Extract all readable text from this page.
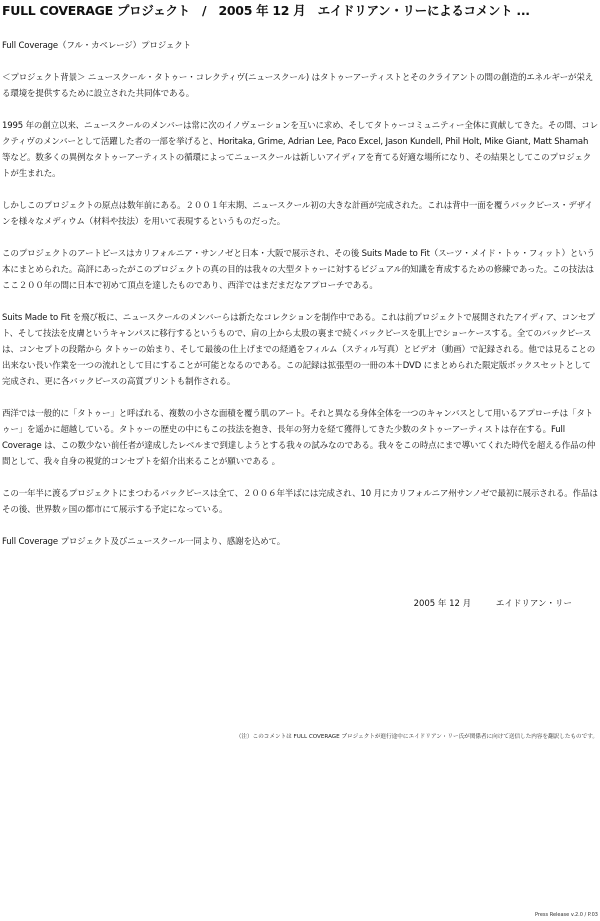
FULL COVERAGE プロジェクト　/　2005 年 12 月　エイドリアン・リーによるコメント ...

Full Coverage（フル・カベレージ）プロジェクト

＜プロジェクト背景＞ ニュースクール・タトゥー・コレクティヴ(ニュースクール) はタトゥーアーティストとそのクライアントの間の創造的エネルギーが栄える環境を提供するために設立された共同体である。

1995 年の創立以来、ニュースクールのメンバーは常に次のイノヴェーションを互いに求め、そしてタトゥーコミュニティー全体に貢献してきた。その間、コレクティヴのメンバーとして活躍した者の一部を挙げると、Horitaka, Grime, Adrian Lee, Paco Excel, Jason Kundell, Phil Holt, Mike Giant, Matt Shamah 等など。数多くの異例なタトゥーアーティストの循環によってニュースクールは新しいアイディアを育てる好適な場所になり、その結果としてこのプロジェクトが生まれた。

しかしこのプロジェクトの原点は数年前にある。２００１年末期、ニュースクール初の大きな計画が完成された。これは背中一面を覆うバックピース・デザインを様々なメディウム（材料や技法）を用いて表現するというものだった。

このプロジェクトのアートピースはカリフォルニア・サンノゼと日本・大阪で展示され、その後 Suits Made to Fit（スーツ・メイド・トゥ・フィット）という本にまとめられた。高評にあったがこのプロジェクトの真の目的は我々の大型タトゥーに対するビジュアル的知識を育成するための修練であった。この技法はここ２００年の間に日本で初めて頂点を達したものであり、西洋ではまだまだなアプローチである。

Suits Made to Fit を飛び板に、ニュースクールのメンバーらは新たなコレクションを制作中である。これは前プロジェクトで展開されたアイディア、コンセプト、そして技法を皮膚というキャンパスに移行するというもので、肩の上から太股の裏まで続くバックピースを肌上でショーケースする。全てのバックピースは、コンセプトの段階から タトゥーの始まり、そして最後の仕上げまでの経過をフィルム（スティル写真）とビデオ（動画）で記録される。他では見ることの出来ない長い作業を一つの流れとして目にすることが可能となるのである。この記録は拡張型の一冊の本＋DVD にまとめられた限定版ボックスセットとして完成され、更に各バックピースの高質プリントも制作される。

西洋では一般的に「タトゥー」と呼ばれる、複数の小さな面積を覆う肌のアート。それと異なる身体全体を一つのキャンバスとして用いるアプローチは「タトゥー」を遥かに超越している。タトゥーの歴史の中にもこの技法を抱き、長年の努力を経て獲得してきた少数のタトゥーアーティストは存在する。Full　Coverage は、この数少ない前任者が達成したレベルまで到達しようとする我々の試みなのである。我々をこの時点にまで導いてくれた時代を超える作品の仲間として、我々自身の視覚的コンセプトを紹介出来ることが願いである 。

この一年半に渡るプロジェクトにまつわるバックピースは全て、２００６年半ばには完成され、10 月にカリフォルニア州サンノゼで最初に展示される。作品はその後、世界数ヶ国の都市にて展示する予定になっている。

Full Coverage プロジェクト及びニュースクール一同より、感謝を込めて。

2005 年 12 月	エイドリアン・リー
（注）このコメントは FULL COVERAGE プロジェクトが進行途中にエイドリアン・リー氏が関係者に向けて送信した内容を翻訳したものです。
Press Release v.2.0 / P.03
